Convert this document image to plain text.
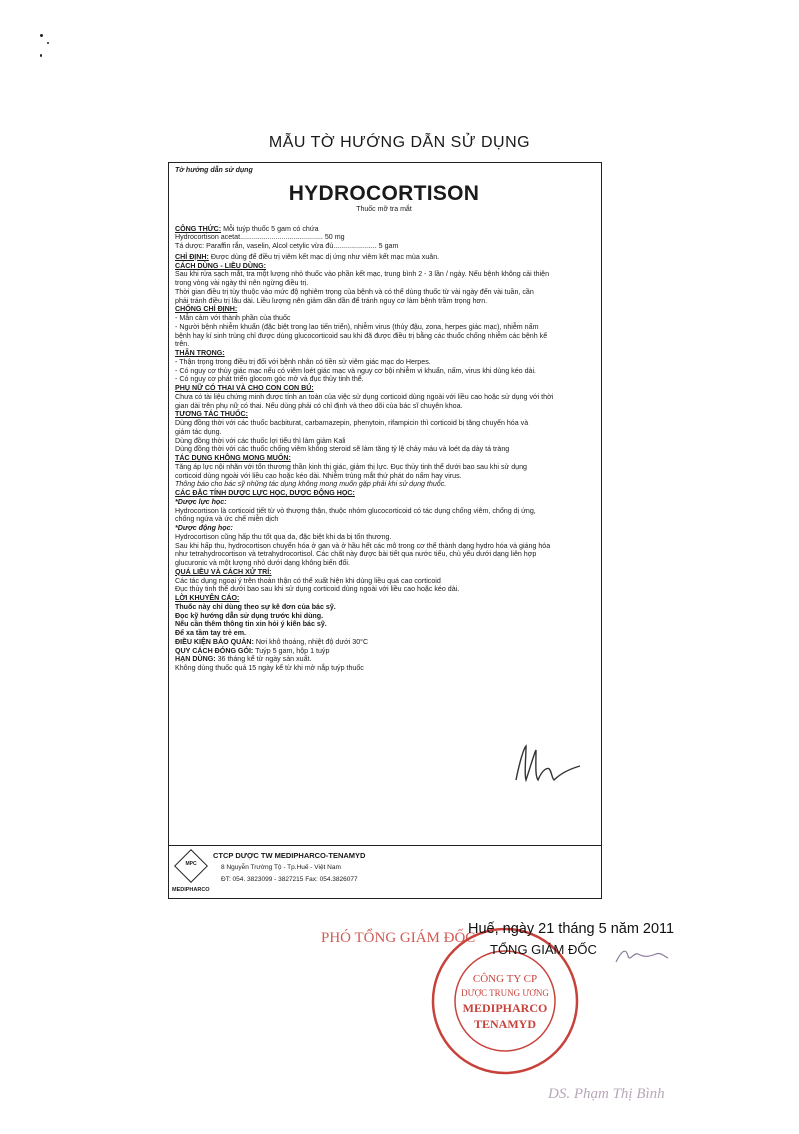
MẪU TỜ HƯỚNG DẪN SỬ DỤNG
Tờ hướng dẫn sử dụng
HYDROCORTISON
Thuốc mỡ tra mắt
CÔNG THỨC: Mỗi tuýp thuốc 5 gam có chứa
Hydrocortison acetat.......................................... 50 mg
Tá dược: Paraffin rắn, vaselin, Alcol cetylic vừa đủ...................... 5 gam
CHỈ ĐỊNH: Được dùng để điều trị viêm kết mạc dị ứng như viêm kết mạc mùa xuân.
CÁCH DÙNG - LIỀU DÙNG:
Sau khi rửa sạch mắt, tra một lượng nhỏ thuốc vào phần kết mạc, trung bình 2 - 3 lần / ngày. Nếu bệnh không cải thiện
trong vòng vài ngày thì nên ngừng điều trị.
Thời gian điều trị tùy thuộc vào mức độ nghiêm trọng của bệnh và có thể dùng thuốc từ vài ngày đến vài tuần, cần
phải tránh điều trị lâu dài. Liều lượng nên giảm dần dần để tránh nguy cơ làm bệnh trầm trọng hơn.
CHỐNG CHỈ ĐỊNH:
- Mẫn cảm với thành phần của thuốc
- Người bệnh nhiễm khuẩn (đặc biệt trong lao tiến triển), nhiễm virus (thủy đậu, zona, herpes giác mạc), nhiễm nấm
bệnh hay kí sinh trùng chỉ được dùng glucocorticoid sau khi đã được điều trị bằng các thuốc chống nhiễm các bệnh kể
trên.
THẬN TRỌNG:
- Thận trọng trong điều trị đối với bệnh nhân có tiền sử viêm giác mạc do Herpes.
- Có nguy cơ thủy giác mạc nếu có viêm loét giác mạc và nguy cơ bội nhiễm vi khuẩn, nấm, virus khi dùng kéo dài.
- Có nguy cơ phát triển glocom góc mở và đục thủy tinh thể.
PHỤ NỮ CÓ THAI VÀ CHO CON CON BÚ:
Chưa có tài liệu chứng minh được tính an toàn của việc sử dụng corticoid dùng ngoài với liều cao hoặc sử dụng với thời
gian dài trên phụ nữ có thai. Nếu dùng phải có chỉ định và theo dõi của bác sĩ chuyên khoa.
TƯƠNG TÁC THUỐC:
Dùng đồng thời với các thuốc bacbiturat, carbamazepin, phenytoin, rifampicin thì corticoid bị tăng chuyển hóa và
giảm tác dụng.
Dùng đồng thời với các thuốc lợi tiểu thì làm giảm Kali
Dùng đồng thời với các thuốc chống viêm không steroid sẽ làm tăng tỷ lệ chảy máu và loét dạ dày tá tràng
TÁC DỤNG KHÔNG MONG MUỐN:
Tăng áp lực nội nhãn với tổn thương thần kinh thị giác, giảm thị lực. Đục thủy tinh thể dưới bao sau khi sử dụng
corticoid dùng ngoài với liều cao hoặc kéo dài. Nhiễm trùng mắt thứ phát do nấm hay virus.
Thông báo cho bác sỹ những tác dụng không mong muốn gặp phải khi sử dụng thuốc.
CÁC ĐẶC TÍNH DƯỢC LỰC HỌC, DƯỢC ĐỘNG HỌC:
*Dược lực học:
Hydrocortison là corticoid tiết từ vỏ thượng thận, thuộc nhóm glucocorticoid có tác dụng chống viêm, chống dị ứng,
chống ngứa và ức chế miễn dịch
*Dược động học:
Hydrocortison cũng hấp thu tốt qua da, đặc biệt khi da bị tổn thương.
Sau khi hấp thu, hydrocortison chuyển hóa ở gan và ở hầu hết các mô trong cơ thể thành dạng hydro hóa và giáng hóa
như tetrahydrocortison và tetrahydrocortisol. Các chất này được bài tiết qua nước tiểu, chủ yếu dưới dạng liên hợp
glucuronic và một lượng nhỏ dưới dạng không biến đổi.
QUÁ LIỀU VÀ CÁCH XỬ TRÍ:
Các tác dụng ngoại ý trên thoản thận có thể xuất hiện khi dùng liều quá cao corticoid
Đục thủy tinh thể dưới bao sau khi sử dụng corticoid dùng ngoài với liều cao hoặc kéo dài.
LỜI KHUYÊN CÁO:
Thuốc này chỉ dùng theo sự kê đơn của bác sỹ.
Đọc kỹ hướng dẫn sử dụng trước khi dùng.
Nếu cần thêm thông tin xin hỏi ý kiến bác sỹ.
Để xa tầm tay trẻ em.
ĐIỀU KIỆN BẢO QUẢN: Nơi khô thoáng, nhiệt độ dưới 30°C
QUY CÁCH ĐÓNG GÓI: Tuýp 5 gam, hộp 1 tuýp
HẠN DÙNG: 36 tháng kể từ ngày sản xuất.
Không dùng thuốc quá 15 ngày kể từ khi mở nắp tuýp thuốc
MPC
MEDIPHARCO
CTCP DƯỢC TW MEDIPHARCO-TENAMYD
8 Nguyễn Trường Tộ - Tp.Huế - Việt Nam
ĐT: 054. 3823099 - 3827215 Fax: 054.3826077
PHÓ TỔNG GIÁM ĐỐC
CÔNG TY CP
DƯỢC TRUNG ƯƠNG
MEDIPHARCO
TENAMYD
Huế, ngày 21 tháng 5 năm 2011
TỔNG GIÁM ĐỐC
DS. Phạm Thị Bình
